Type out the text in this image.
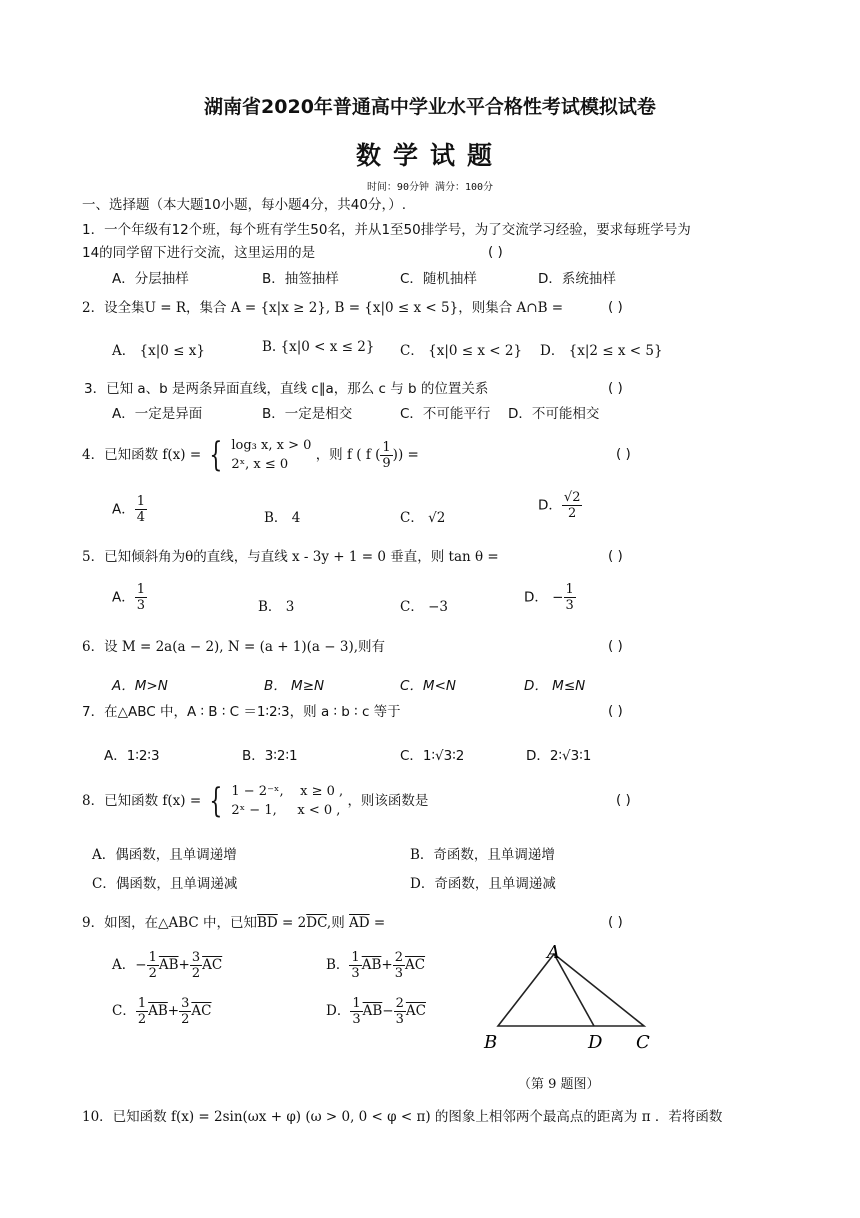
湖南省2020年普通高中学业水平合格性考试模拟试卷
数学试题
时间：90分钟 满分：100分
一、选择题（本大题10小题，每小题4分，共40分，）.
1．一个年级有12个班，每个班有学生50名，并从1至50排学号，为了交流学习经验，要求每班学号为
14的同学留下进行交流，这里运用的是	( )
A．分层抽样	B．抽签抽样	C．随机抽样	D．系统抽样
2．设全集U = R，集合 A = {x|x ≥ 2}, B = {x|0 ≤ x < 5}，则集合 A∩B =	( )
A． {x|0 ≤ x}	B. {x|0 < x ≤ 2} C． {x|0 ≤ x < 2} D． {x|2 ≤ x < 5}
3．已知 a、b 是两条异面直线，直线 c∥a，那么 c 与 b 的位置关系	( )
A．一定是异面	B．一定是相交	C．不可能平行 D．不可能相交
4．已知函数 f(x) = { log₃ x, x > 0
2ˣ, x ≤ 0
，则 f ( f ( $\frac{1}{9}$ )) =	( )
A． $\frac{1}{4}$	B． 4	C． √2
D． $\frac{√2}{2}$
5．已知倾斜角为θ的直线，与直线 x - 3y + 1 = 0 垂直，则 tan θ =	( )
A． $\frac{1}{3}$	B． 3	C． −3
D． − $\frac{1}{3}$
6．设 M = 2a(a − 2), N = (a + 1)(a − 3),则有	( )
A．M>N	B． M≥N	C．M<N	D． M≤N
7．在△ABC 中，A ∶ B ∶ C ＝1∶2∶3，则 a ∶ b ∶ c 等于	( )
A．1∶2∶3	B．3∶2∶1	C．1∶√3∶2	D．2∶√3∶1
8．已知函数 f(x) = { 1 − 2⁻ˣ,    x ≥ 0 ,
2ˣ − 1,     x < 0 ,
，则该函数是	( )
A．偶函数，且单调递增	B．奇函数，且单调递增
C．偶函数，且单调递减	D．奇函数，且单调递减
9．如图，在△ABC 中，已知$\overline{BD} = 2\overline{DC}$,则 $\overline{AD}$ =	( )
A．− $\frac{1}{2} \overline{AB}+ \frac{3}{2} \overline{AC}$	B． $\frac{1}{3} \overline{AB}+ \frac{2}{3} \overline{AC}$
C． $\frac{1}{2} \overline{AB}+ \frac{3}{2} \overline{AC}$	D． $\frac{1}{3} \overline{AB}- \frac{2}{3} \overline{AC}$
A
B	D C
（第 9 题图）
10．已知函数 f(x) = 2sin(ωx + φ) (ω > 0, 0 < φ < π) 的图象上相邻两个最高点的距离为 π ．若将函数
